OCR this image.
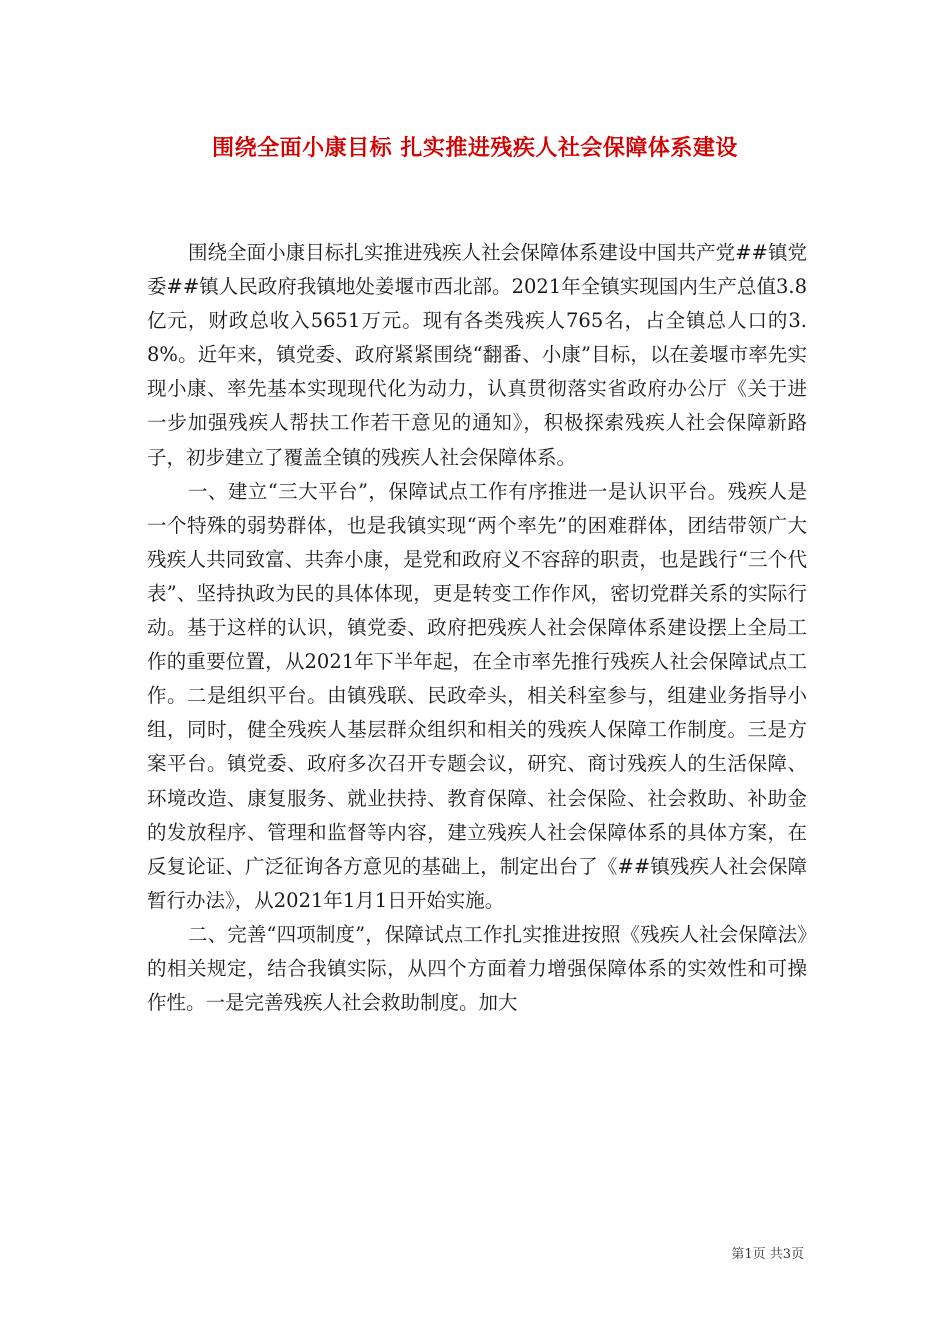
围绕全面小康目标 扎实推进残疾人社会保障体系建设

围绕全面小康目标扎实推进残疾人社会保障体系建设中国共产党##镇党委##镇人民政府我镇地处姜堰市西北部。2021年全镇实现国内生产总值3.8亿元，财政总收入5651万元。现有各类残疾人765名，占全镇总人口的3.8%。近年来，镇党委、政府紧紧围绕“翻番、小康”目标，以在姜堰市率先实现小康、率先基本实现现代化为动力，认真贯彻落实省政府办公厅《关于进一步加强残疾人帮扶工作若干意见的通知》，积极探索残疾人社会保障新路子，初步建立了覆盖全镇的残疾人社会保障体系。

一、建立“三大平台”，保障试点工作有序推进一是认识平台。残疾人是一个特殊的弱势群体，也是我镇实现“两个率先”的困难群体，团结带领广大残疾人共同致富、共奔小康，是党和政府义不容辞的职责，也是践行“三个代表”、坚持执政为民的具体体现，更是转变工作作风，密切党群关系的实际行动。基于这样的认识，镇党委、政府把残疾人社会保障体系建设摆上全局工作的重要位置，从2021年下半年起，在全市率先推行残疾人社会保障试点工作。二是组织平台。由镇残联、民政牵头，相关科室参与，组建业务指导小组，同时，健全残疾人基层群众组织和相关的残疾人保障工作制度。三是方案平台。镇党委、政府多次召开专题会议，研究、商讨残疾人的生活保障、环境改造、康复服务、就业扶持、教育保障、社会保险、社会救助、补助金的发放程序、管理和监督等内容，建立残疾人社会保障体系的具体方案，在反复论证、广泛征询各方意见的基础上，制定出台了《##镇残疾人社会保障暂行办法》，从2021年1月1日开始实施。

二、完善“四项制度”，保障试点工作扎实推进按照《残疾人社会保障法》的相关规定，结合我镇实际，从四个方面着力增强保障体系的实效性和可操作性。一是完善残疾人社会救助制度。加大

第1页 共3页
